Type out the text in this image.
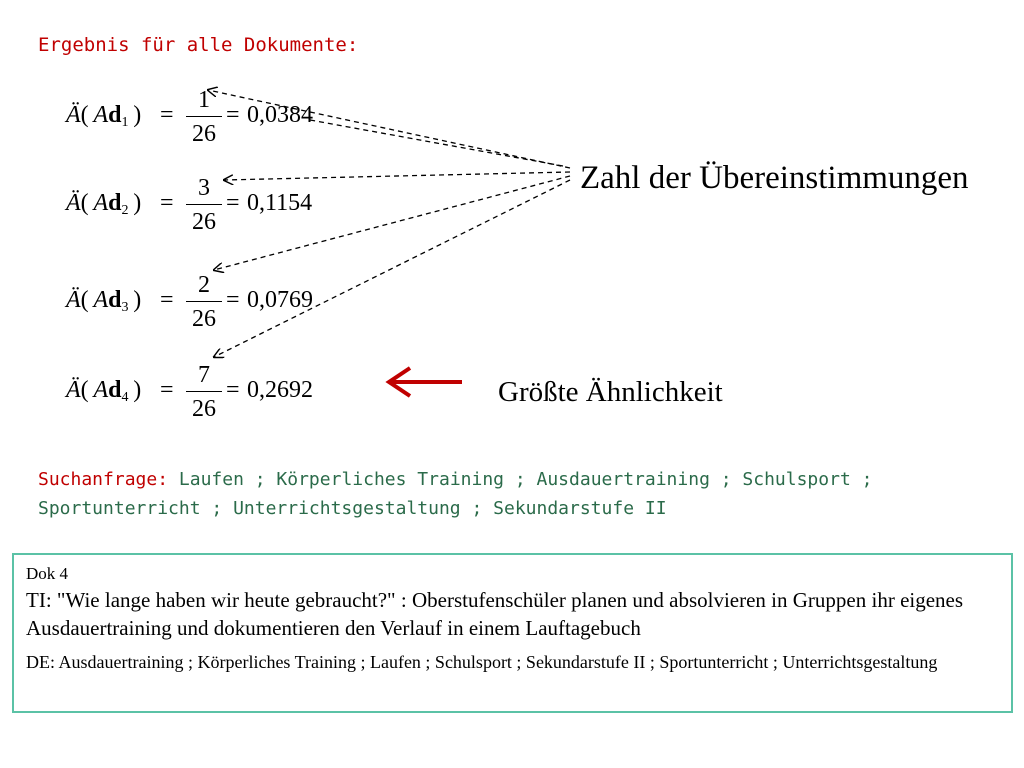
Ergebnis für alle Dokumente:
Ä( $Ad_1$ ) =
1
26
= 0,0384
Ä( $Ad_2$ ) =
3
26
= 0,1154
Ä( $Ad_3$ ) =
2
26
= 0,0769
Ä( $Ad_4$ ) =
7
26
= 0,2692
Zahl der Übereinstimmungen
Größte Ähnlichkeit
Suchanfrage: Laufen ; Körperliches Training ; Ausdauertraining ; Schulsport ;
Sportunterricht ; Unterrichtsgestaltung ; Sekundarstufe II
Dok 4
TI: "Wie lange haben wir heute gebraucht?" : Oberstufenschüler planen und absolvieren in Gruppen ihr eigenes Ausdauertraining und dokumentieren den Verlauf in einem Lauftagebuch
DE: Ausdauertraining ; Körperliches Training ; Laufen ; Schulsport ; Sekundarstufe II ; Sportunterricht ; Unterrichtsgestaltung
